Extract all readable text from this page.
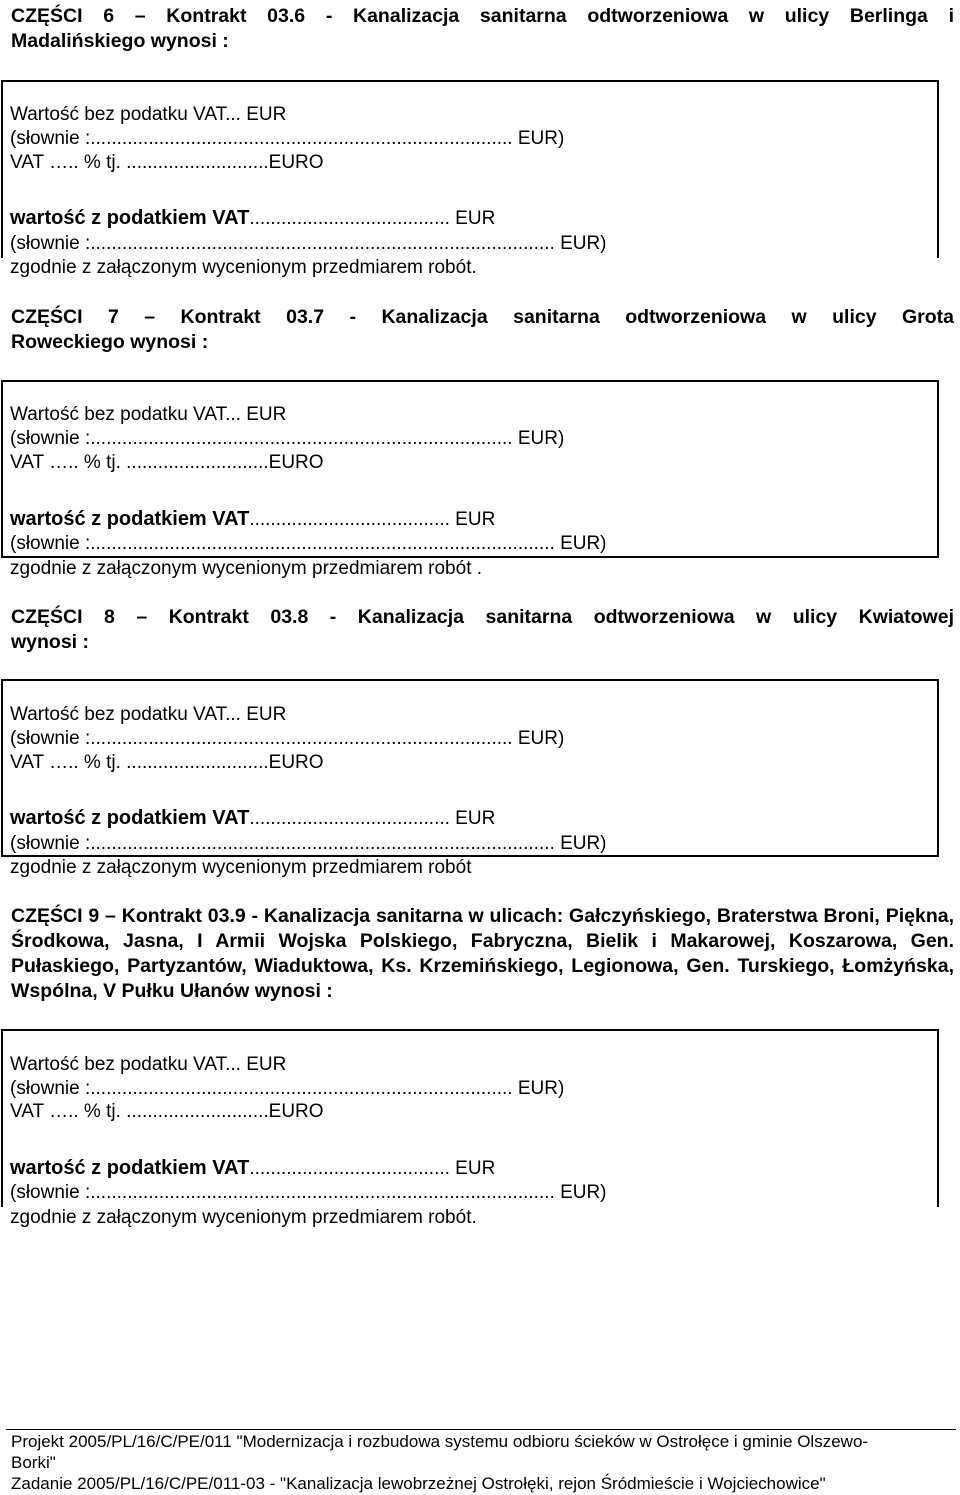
CZĘŚCI 6 – Kontrakt 03.6 - Kanalizacja sanitarna odtworzeniowa w ulicy Berlinga i
Madalińskiego wynosi :
Wartość bez podatku VAT... EUR
(słownie :................................................................................ EUR)
VAT ….. % tj. ...........................EURO
wartość z podatkiem VAT...................................... EUR
(słownie :........................................................................................ EUR)
zgodnie z załączonym wycenionym przedmiarem robót.
CZĘŚCI 7 – Kontrakt 03.7 - Kanalizacja sanitarna odtworzeniowa w ulicy Grota
Roweckiego wynosi :
Wartość bez podatku VAT... EUR
(słownie :................................................................................ EUR)
VAT ….. % tj. ...........................EURO
wartość z podatkiem VAT...................................... EUR
(słownie :........................................................................................ EUR)
zgodnie z załączonym wycenionym przedmiarem robót .
CZĘŚCI 8 – Kontrakt 03.8 - Kanalizacja sanitarna odtworzeniowa w ulicy Kwiatowej
wynosi :
Wartość bez podatku VAT... EUR
(słownie :................................................................................ EUR)
VAT ….. % tj. ...........................EURO
wartość z podatkiem VAT...................................... EUR
(słownie :........................................................................................ EUR)
zgodnie z załączonym wycenionym przedmiarem robót
CZĘŚCI 9 – Kontrakt 03.9 - Kanalizacja sanitarna w ulicach: Gałczyńskiego, Braterstwa Broni, Piękna, Środkowa, Jasna, I Armii Wojska Polskiego, Fabryczna, Bielik i Makarowej, Koszarowa, Gen. Pułaskiego, Partyzantów, Wiaduktowa, Ks. Krzemińskiego, Legionowa, Gen. Turskiego, Łomżyńska, Wspólna, V Pułku Ułanów wynosi :
Wartość bez podatku VAT... EUR
(słownie :................................................................................ EUR)
VAT ….. % tj. ...........................EURO
wartość z podatkiem VAT...................................... EUR
(słownie :........................................................................................ EUR)
zgodnie z załączonym wycenionym przedmiarem robót.
Projekt 2005/PL/16/C/PE/011 "Modernizacja i rozbudowa systemu odbioru ścieków w Ostrołęce i gminie Olszewo-
Borki"
Zadanie 2005/PL/16/C/PE/011-03 - "Kanalizacja lewobrzeżnej Ostrołęki, rejon Śródmieście i Wojciechowice"
